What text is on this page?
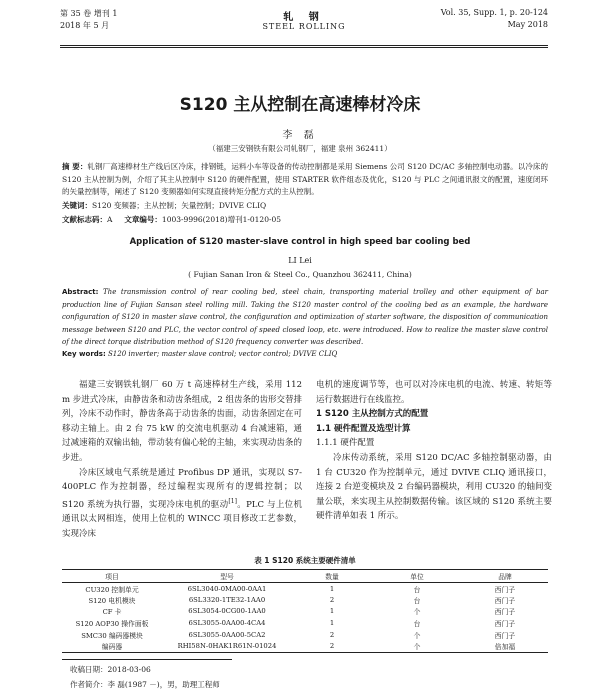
第 35 卷 增刊 1
2018 年 5 月
轧 钢
STEEL ROLLING
Vol. 35, Supp. 1, p. 20-124
May 2018
S120 主从控制在高速棒材冷床
李 磊
（福建三安钢铁有限公司轧钢厂，福建 泉州 362411）
摘 要：轧钢厂高速棒材生产线后区冷床，排钢链，运料小车等设备的传动控制都是采用 Siemens 公司 S120 DC/AC 多轴控制电动器。以冷床的 S120 主从控制为例，介绍了其主从控制中 S120 的硬件配置，使用 STARTER 软件组态及优化，S120 与 PLC 之间通讯报文的配置，速度闭环的矢量控制等，阐述了 S120 变频器如何实现直接转矩分配方式的主从控制。
关键词：S120 变频器；主从控制；矢量控制；DVIVE CLIQ
文献标志码：A 文章编号：1003-9996(2018)增刊1-0120-05
Application of S120 master-slave control in high speed bar cooling bed
LI Lei
( Fujian Sanan Iron & Steel Co., Quanzhou 362411, China)
Abstract: The transmission control of rear cooling bed, steel chain, transporting material trolley and other equipment of bar production line of Fujian Sansan steel rolling mill. Taking the S120 master control of the cooling bed as an example, the hardware configuration of S120 in master slave control, the configuration and optimization of starter software, the disposition of communication message between S120 and PLC, the vector control of speed closed loop, etc. were introduced. How to realize the master slave control of the direct torque distribution method of S120 frequency converter was described.
Key words: S120 inverter; master slave control; vector control; DVIVE CLIQ

福建三安钢铁轧钢厂 60 万 t 高速棒材生产线，采用 112 m 步进式冷床，由静齿条和动齿条组成，2 组齿条的齿形交替排列，冷床不动作时，静齿条高于动齿条的齿面，动齿条固定在可移动主轴上。由 2 台 75 kW 的交流电机驱动 4 台减速箱，通过减速箱的双输出轴，带动装有偏心轮的主轴，来实现动齿条的步进。

冷床区域电气系统是通过 Profibus DP 通讯，实现以 S7-400PLC 作为控制器，经过编程实现所有的逻辑控制；以 S120 系统为执行器，实现冷床电机的驱动[1]。PLC 与上位机通讯以太网相连，使用上位机的 WINCC 项目修改工艺参数，实现冷床

电机的速度调节等，也可以对冷床电机的电流、转速、转矩等运行数据进行在线监控。

1 S120 主从控制方式的配置

1.1 硬件配置及选型计算

1.1.1 硬件配置

冷床传动系统，采用 S120 DC/AC 多轴控制驱动器，由 1 台 CU320 作为控制单元，通过 DVIVE CLIQ 通讯接口，连接 2 台逆变模块及 2 台编码器模块，利用 CU320 的轴间变量公联，来实现主从控制数据传输。该区域的 S120 系统主要硬件清单如表 1 所示。

表 1 S120 系统主要硬件清单
项目	型号	数量	单位	品牌
CU320 控制单元	6SL3040-0MA00-0AA1	1	台	西门子
S120 电机模块	6SL3320-1TE32-1AA0	2	台	西门子
CF 卡	6SL3054-0CG00-1AA0	1	个	西门子
S120 AOP30 操作面板	6SL3055-0AA00-4CA4	1	台	西门子
SMC30 编码器模块	6SL3055-0AA00-5CA2	2	个	西门子
编码器	RHI58N-0HAK1R61N-01024	2	个	倍加福
收稿日期：2018-03-06
作者简介：李 磊(1987 －)，男，助理工程师
